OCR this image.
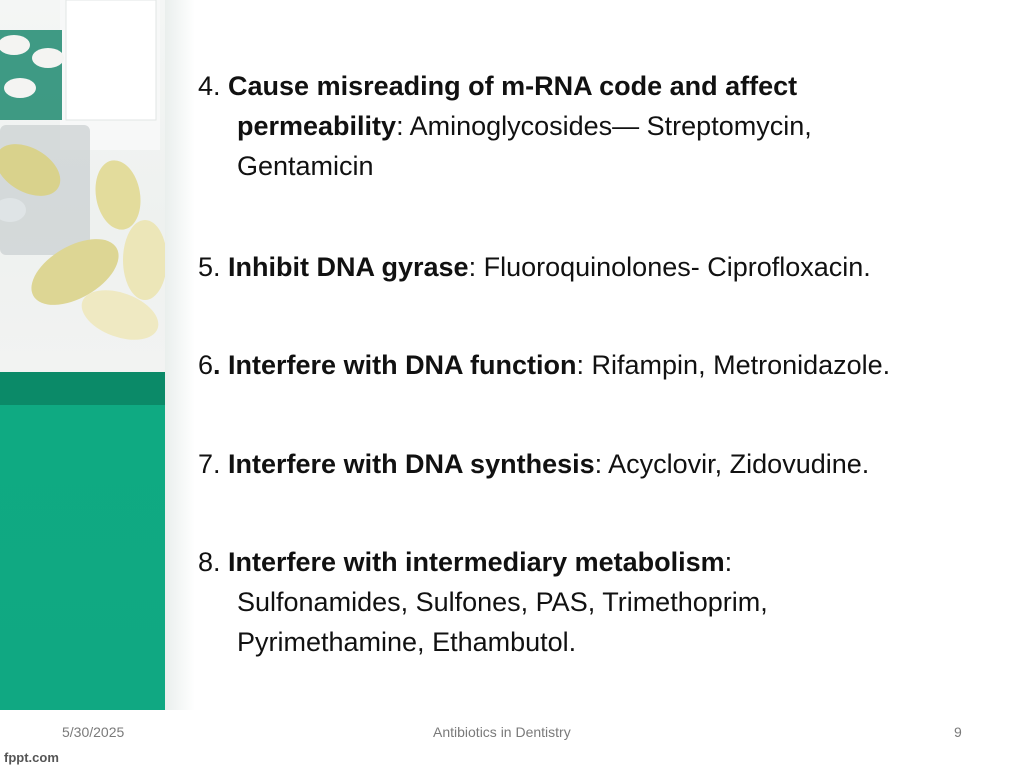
4. Cause misreading of m-RNA code and affect
permeability: Aminoglycosides— Streptomycin,
Gentamicin
5. Inhibit DNA gyrase: Fluoroquinolones- Ciprofloxacin.
6. Interfere with DNA function: Rifampin, Metronidazole.
7. Interfere with DNA synthesis: Acyclovir, Zidovudine.
8. Interfere with intermediary metabolism:
Sulfonamides, Sulfones, PAS, Trimethoprim,
Pyrimethamine, Ethambutol.
5/30/2025	Antibiotics in Dentistry	9
fppt.com
